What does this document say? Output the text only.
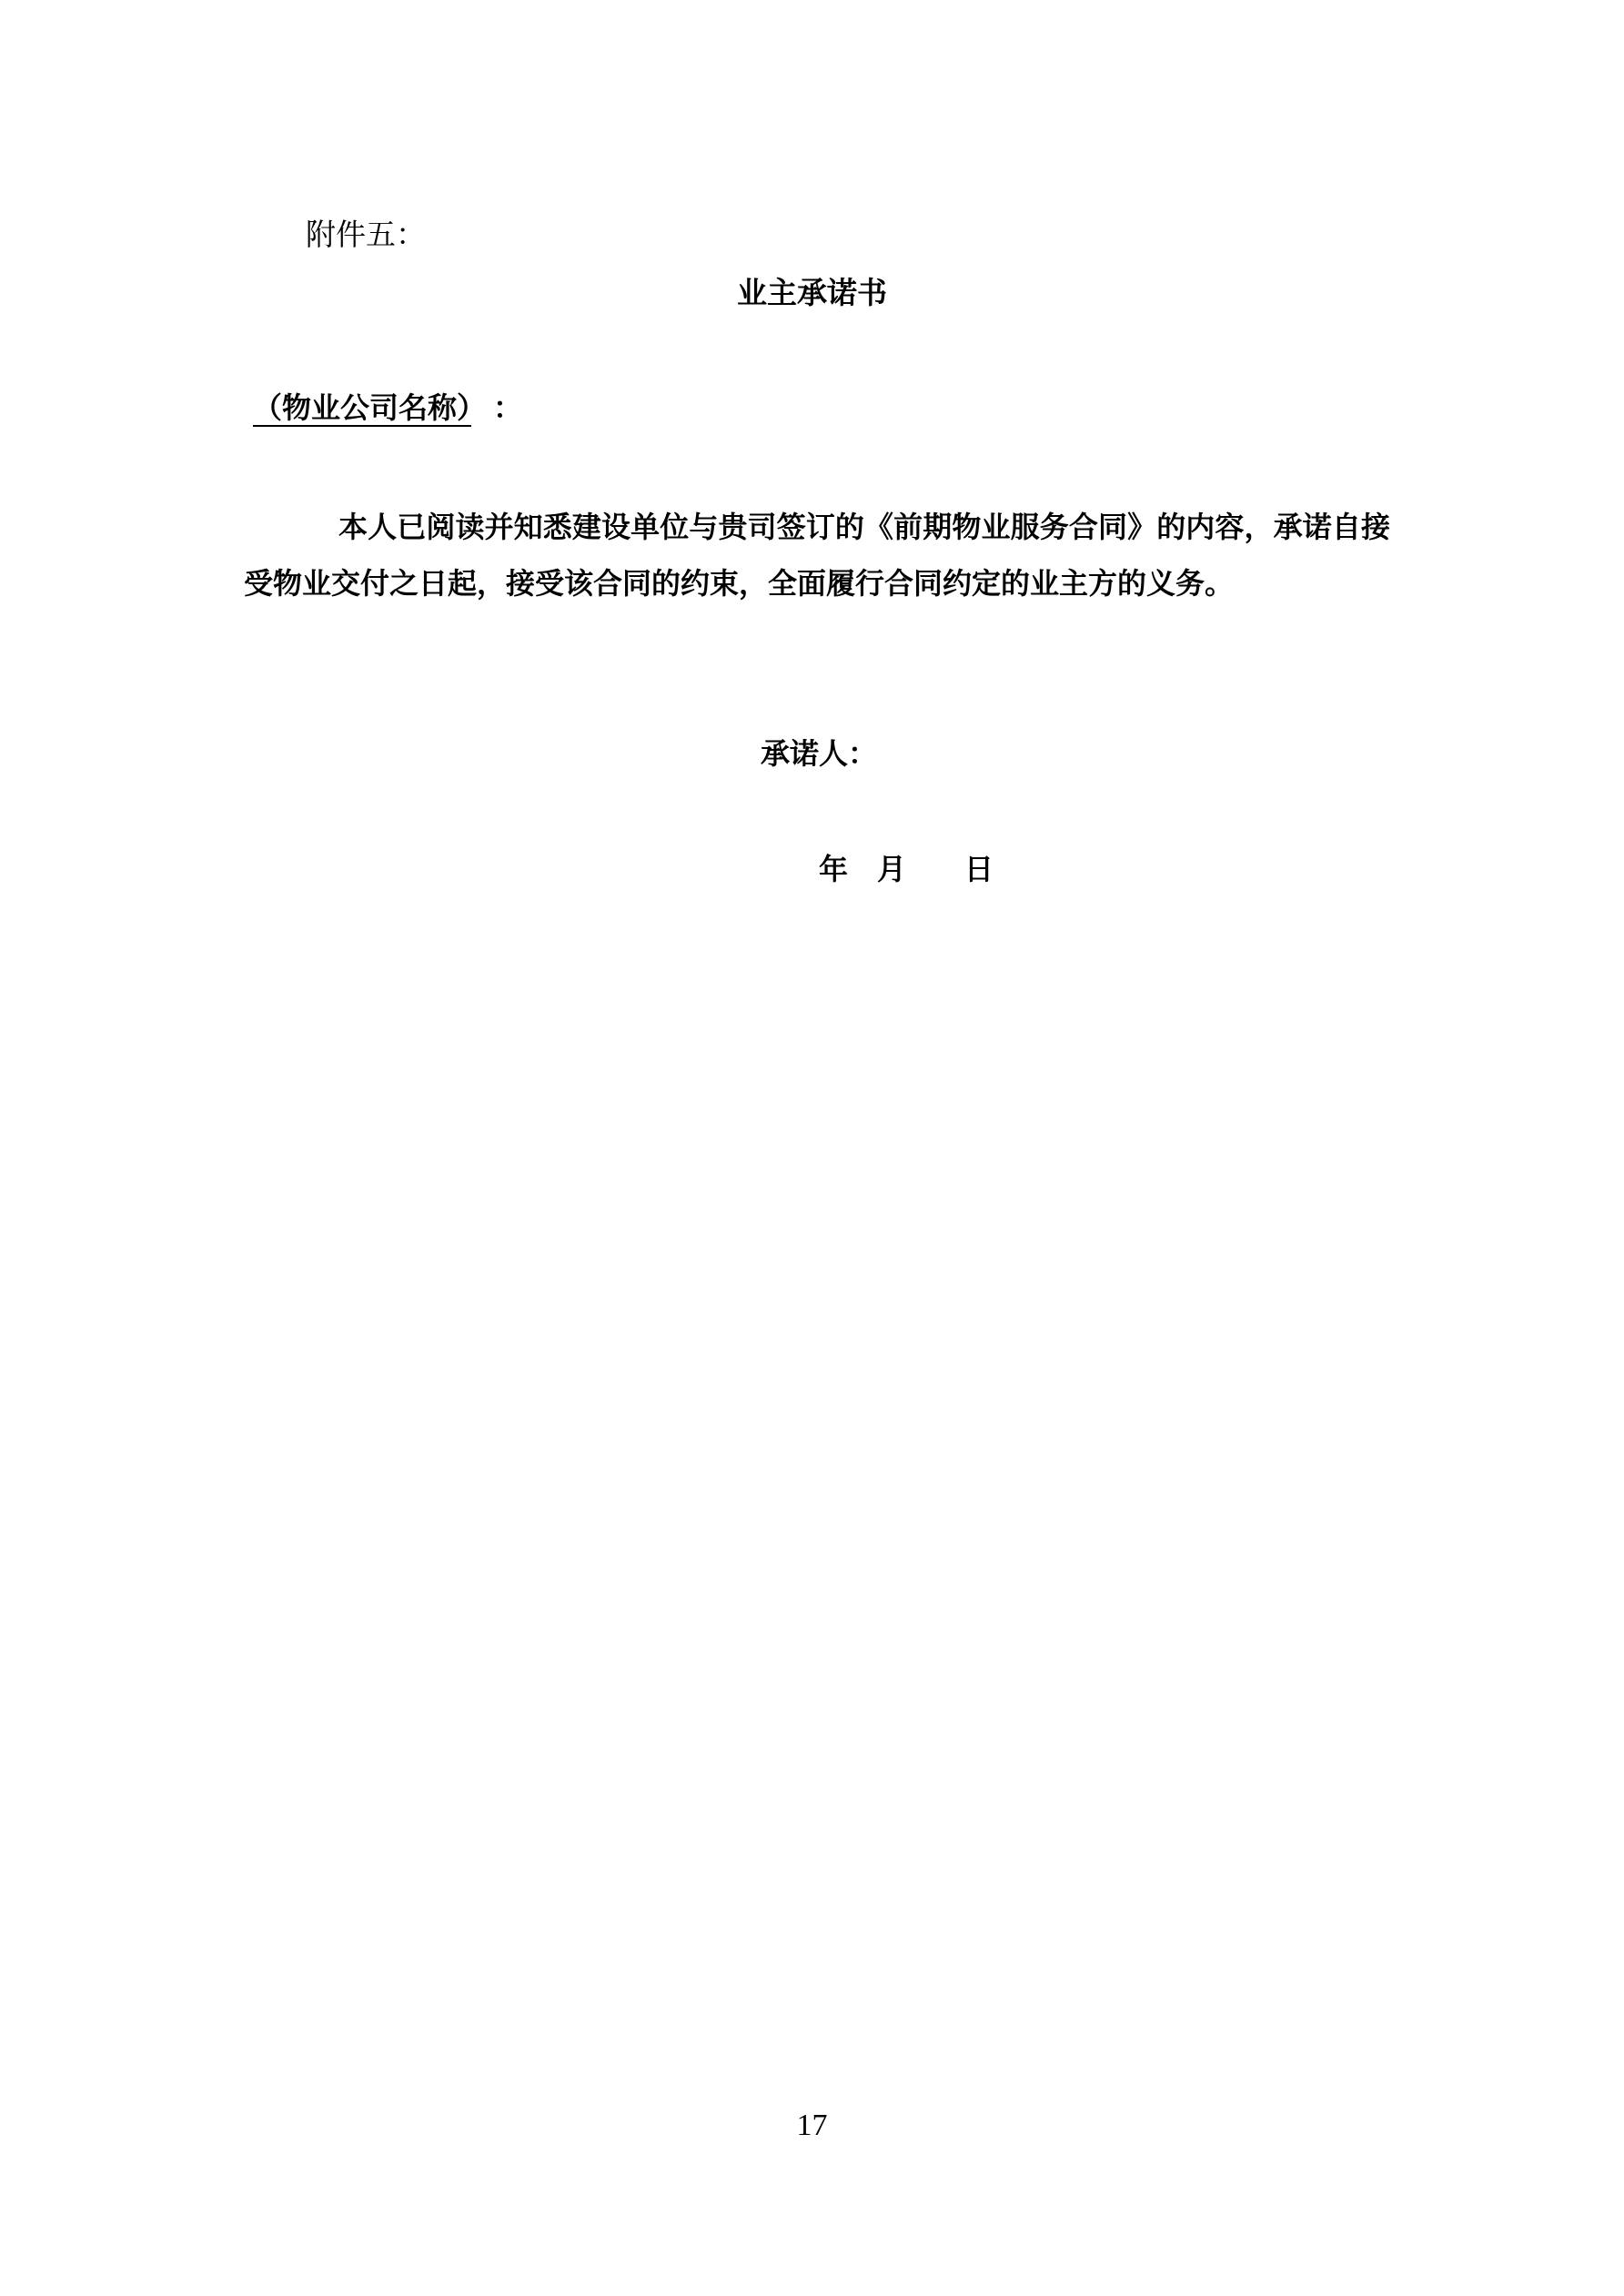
附件五：
业主承诺书
（物业公司名称） ：
本人已阅读并知悉建设单位与贵司签订的《前期物业服务合同》的内容，承诺自接受物业交付之日起，接受该合同的约束，全面履行合同约定的业主方的义务。
承诺人：
年 月 日
17
